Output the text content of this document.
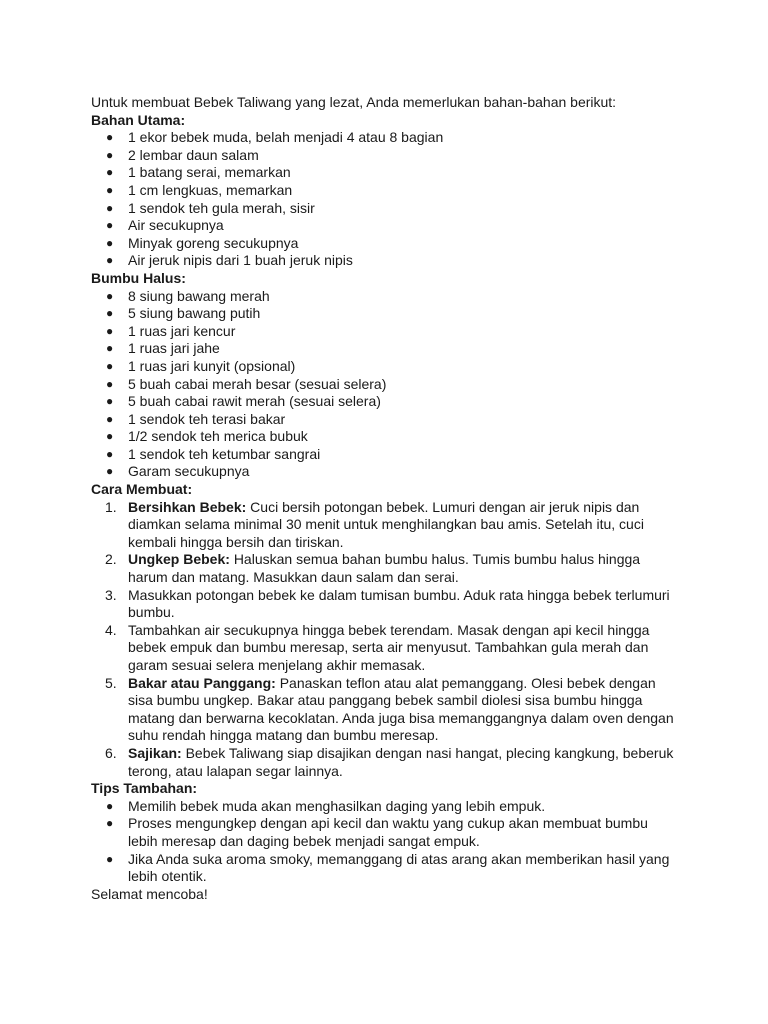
Untuk membuat Bebek Taliwang yang lezat, Anda memerlukan bahan-bahan berikut:

Bahan Utama:

● 1 ekor bebek muda, belah menjadi 4 atau 8 bagian
● 2 lembar daun salam
● 1 batang serai, memarkan
● 1 cm lengkuas, memarkan
● 1 sendok teh gula merah, sisir
● Air secukupnya
● Minyak goreng secukupnya
● Air jeruk nipis dari 1 buah jeruk nipis

Bumbu Halus:

● 8 siung bawang merah
● 5 siung bawang putih
● 1 ruas jari kencur
● 1 ruas jari jahe
● 1 ruas jari kunyit (opsional)
● 5 buah cabai merah besar (sesuai selera)
● 5 buah cabai rawit merah (sesuai selera)
● 1 sendok teh terasi bakar
● 1/2 sendok teh merica bubuk
● 1 sendok teh ketumbar sangrai
● Garam secukupnya

Cara Membuat:

1. Bersihkan Bebek: Cuci bersih potongan bebek. Lumuri dengan air jeruk nipis dan diamkan selama minimal 30 menit untuk menghilangkan bau amis. Setelah itu, cuci kembali hingga bersih dan tiriskan.
2. Ungkep Bebek: Haluskan semua bahan bumbu halus. Tumis bumbu halus hingga harum dan matang. Masukkan daun salam dan serai.
3. Masukkan potongan bebek ke dalam tumisan bumbu. Aduk rata hingga bebek terlumuri bumbu.
4. Tambahkan air secukupnya hingga bebek terendam. Masak dengan api kecil hingga bebek empuk dan bumbu meresap, serta air menyusut. Tambahkan gula merah dan garam sesuai selera menjelang akhir memasak.
5. Bakar atau Panggang: Panaskan teflon atau alat pemanggang. Olesi bebek dengan sisa bumbu ungkep. Bakar atau panggang bebek sambil diolesi sisa bumbu hingga matang dan berwarna kecoklatan. Anda juga bisa memanggangnya dalam oven dengan suhu rendah hingga matang dan bumbu meresap.
6. Sajikan: Bebek Taliwang siap disajikan dengan nasi hangat, plecing kangkung, beberuk terong, atau lalapan segar lainnya.

Tips Tambahan:

● Memilih bebek muda akan menghasilkan daging yang lebih empuk.
● Proses mengungkep dengan api kecil dan waktu yang cukup akan membuat bumbu lebih meresap dan daging bebek menjadi sangat empuk.
● Jika Anda suka aroma smoky, memanggang di atas arang akan memberikan hasil yang lebih otentik.

Selamat mencoba!
